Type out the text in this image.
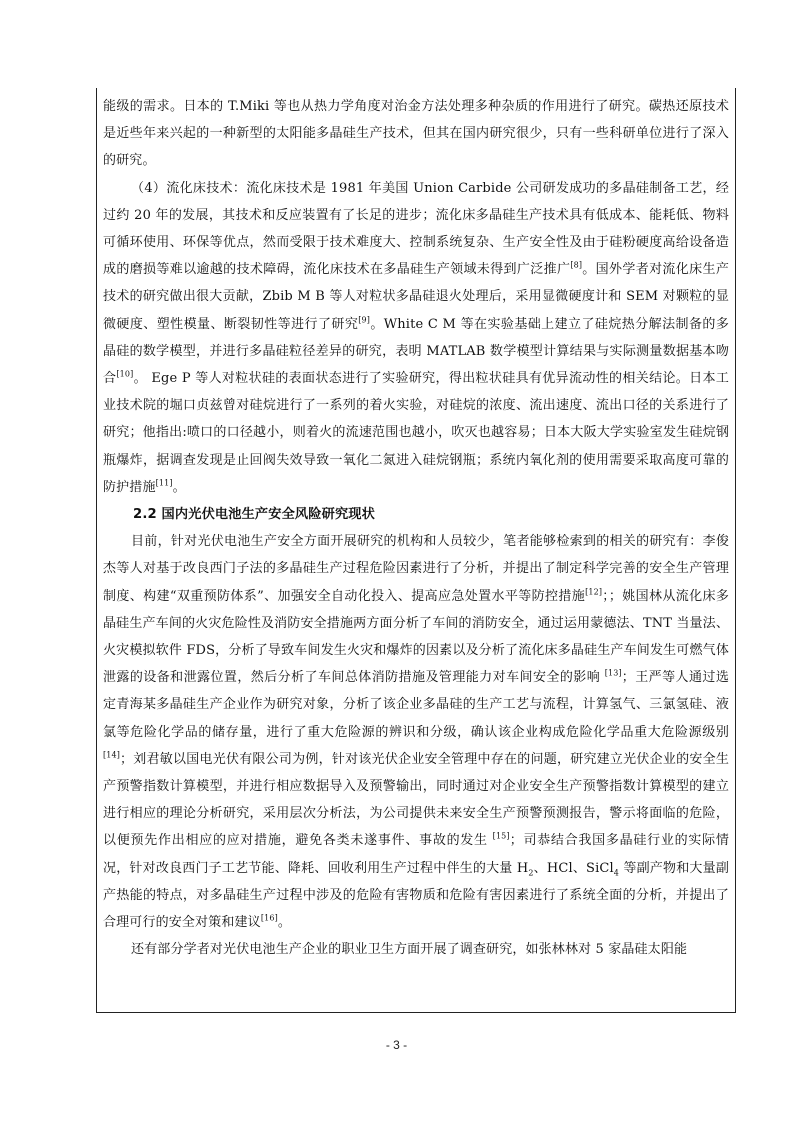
能级的需求。日本的 T.Miki 等也从热力学角度对治金方法处理多种杂质的作用进行了研究。碳热还原技术是近些年来兴起的一种新型的太阳能多晶硅生产技术，但其在国内研究很少，只有一些科研单位进行了深入的研究。

（4）流化床技术：流化床技术是 1981 年美国 Union Carbide 公司研发成功的多晶硅制备工艺，经过约 20 年的发展，其技术和反应装置有了长足的进步；流化床多晶硅生产技术具有低成本、能耗低、物料可循环使用、环保等优点，然而受限于技术难度大、控制系统复杂、生产安全性及由于硅粉硬度高给设备造成的磨损等难以逾越的技术障碍，流化床技术在多晶硅生产领域未得到广泛推广[8]。国外学者对流化床生产技术的研究做出很大贡献，Zbib M B 等人对粒状多晶硅退火处理后，采用显微硬度计和 SEM 对颗粒的显微硬度、塑性模量、断裂韧性等进行了研究[9]。White C M 等在实验基础上建立了硅烷热分解法制备的多晶硅的数学模型，并进行多晶硅粒径差异的研究，表明 MATLAB 数学模型计算结果与实际测量数据基本吻合[10]。 Ege P 等人对粒状硅的表面状态进行了实验研究，得出粒状硅具有优异流动性的相关结论。日本工业技术院的堀口贞兹曾对硅烷进行了一系列的着火实验，对硅烷的浓度、流出速度、流出口径的关系进行了研究；他指出:喷口的口径越小，则着火的流速范围也越小，吹灭也越容易；日本大阪大学实验室发生硅烷钢瓶爆炸，据调查发现是止回阀失效导致一氧化二氮进入硅烷钢瓶；系统内氧化剂的使用需要采取高度可靠的防护措施[11]。

2.2 国内光伏电池生产安全风险研究现状

目前，针对光伏电池生产安全方面开展研究的机构和人员较少，笔者能够检索到的相关的研究有：李俊杰等人对基于改良西门子法的多晶硅生产过程危险因素进行了分析，并提出了制定科学完善的安全生产管理制度、构建“双重预防体系”、加强安全自动化投入、提高应急处置水平等防控措施[12]；；姚国林从流化床多晶硅生产车间的火灾危险性及消防安全措施两方面分析了车间的消防安全，通过运用蒙德法、TNT 当量法、火灾模拟软件 FDS，分析了导致车间发生火灾和爆炸的因素以及分析了流化床多晶硅生产车间发生可燃气体泄露的设备和泄露位置，然后分析了车间总体消防措施及管理能力对车间安全的影响 [13]；王严等人通过选定青海某多晶硅生产企业作为研究对象，分析了该企业多晶硅的生产工艺与流程，计算氢气、三氯氢硅、液氯等危险化学品的储存量，进行了重大危险源的辨识和分级，确认该企业构成危险化学品重大危险源级别[14]；刘君敏以国电光伏有限公司为例，针对该光伏企业安全管理中存在的问题，研究建立光伏企业的安全生产预警指数计算模型，并进行相应数据导入及预警输出，同时通过对企业安全生产预警指数计算模型的建立进行相应的理论分析研究，采用层次分析法，为公司提供未来安全生产预警预测报告，警示将面临的危险，以便预先作出相应的应对措施，避免各类未遂事件、事故的发生 [15]；司恭结合我国多晶硅行业的实际情况，针对改良西门子工艺节能、降耗、回收利用生产过程中伴生的大量 $H_2$、HCl、SiCl$_4$ 等副产物和大量副产热能的特点，对多晶硅生产过程中涉及的危险有害物质和危险有害因素进行了系统全面的分析，并提出了合理可行的安全对策和建议[16]。

还有部分学者对光伏电池生产企业的职业卫生方面开展了调查研究，如张林林对 5 家晶硅太阳能

- 3 -
